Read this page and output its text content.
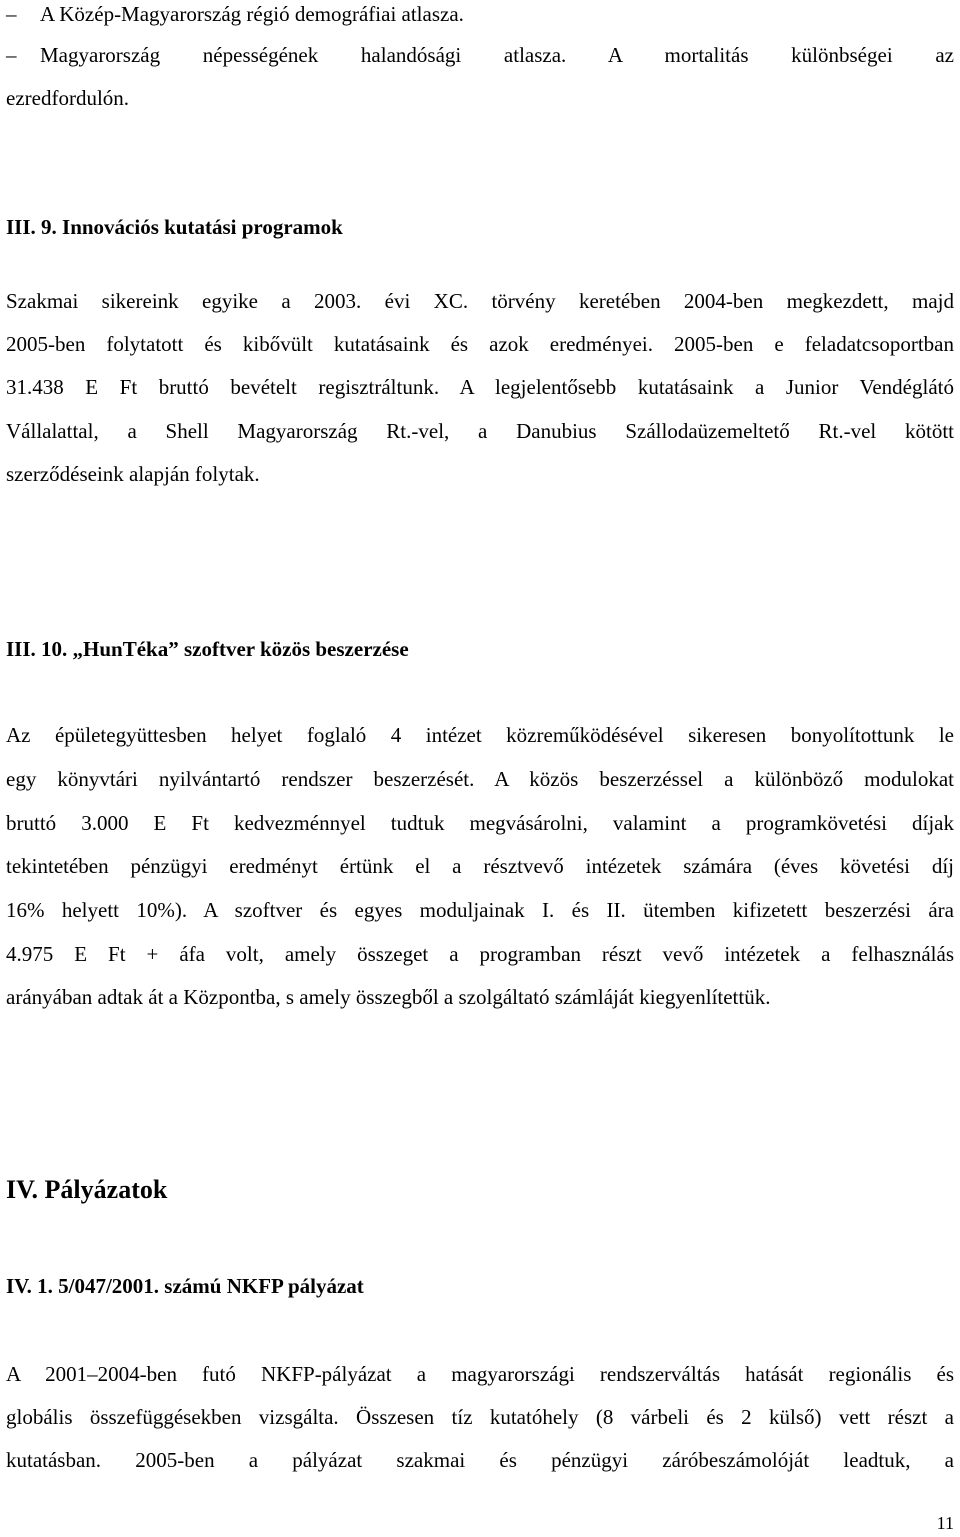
– A Közép-Magyarország régió demográfiai atlasza.
– Magyarország népességének halandósági atlasza. A mortalitás különbségei az
ezredfordulón.
III. 9. Innovációs kutatási programok
Szakmai sikereink egyike a 2003. évi XC. törvény keretében 2004-ben megkezdett, majd
2005-ben folytatott és kibővült kutatásaink és azok eredményei. 2005-ben e feladatcsoportban
31.438 E Ft bruttó bevételt regisztráltunk. A legjelentősebb kutatásaink a Junior Vendéglátó
Vállalattal, a Shell Magyarország Rt.-vel, a Danubius Szállodaüzemeltető Rt.-vel kötött
szerződéseink alapján folytak.
III. 10. „HunTéka” szoftver közös beszerzése
Az épületegyüttesben helyet foglaló 4 intézet közreműködésével sikeresen bonyolítottunk le
egy könyvtári nyilvántartó rendszer beszerzését. A közös beszerzéssel a különböző modulokat
bruttó 3.000 E Ft kedvezménnyel tudtuk megvásárolni, valamint a programkövetési díjak
tekintetében pénzügyi eredményt értünk el a résztvevő intézetek számára (éves követési díj
16% helyett 10%). A szoftver és egyes moduljainak I. és II. ütemben kifizetett beszerzési ára
4.975 E Ft + áfa volt, amely összeget a programban részt vevő intézetek a felhasználás
arányában adtak át a Központba, s amely összegből a szolgáltató számláját kiegyenlítettük.
IV. Pályázatok
IV. 1. 5/047/2001. számú NKFP pályázat
A 2001–2004-ben futó NKFP-pályázat a magyarországi rendszerváltás hatását regionális és
globális összefüggésekben vizsgálta. Összesen tíz kutatóhely (8 várbeli és 2 külső) vett részt a
kutatásban. 2005-ben a pályázat szakmai és pénzügyi záróbeszámolóját leadtuk, a
11
